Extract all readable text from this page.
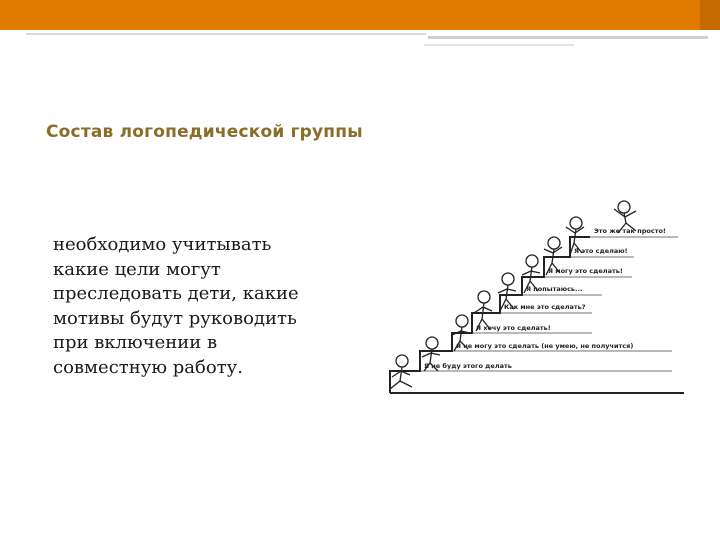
Состав логопедической группы
необходимо учитывать
какие цели могут
преследовать дети, какие
мотивы будут руководить
при включении в
совместную работу.
Это же так просто!
Я это сделаю!
Я могу это сделать!
Я попытаюсь...
Как мне это сделать?
Я хочу это сделать!
Я не могу это сделать (не умею, не получится)
Я не буду этого делать
